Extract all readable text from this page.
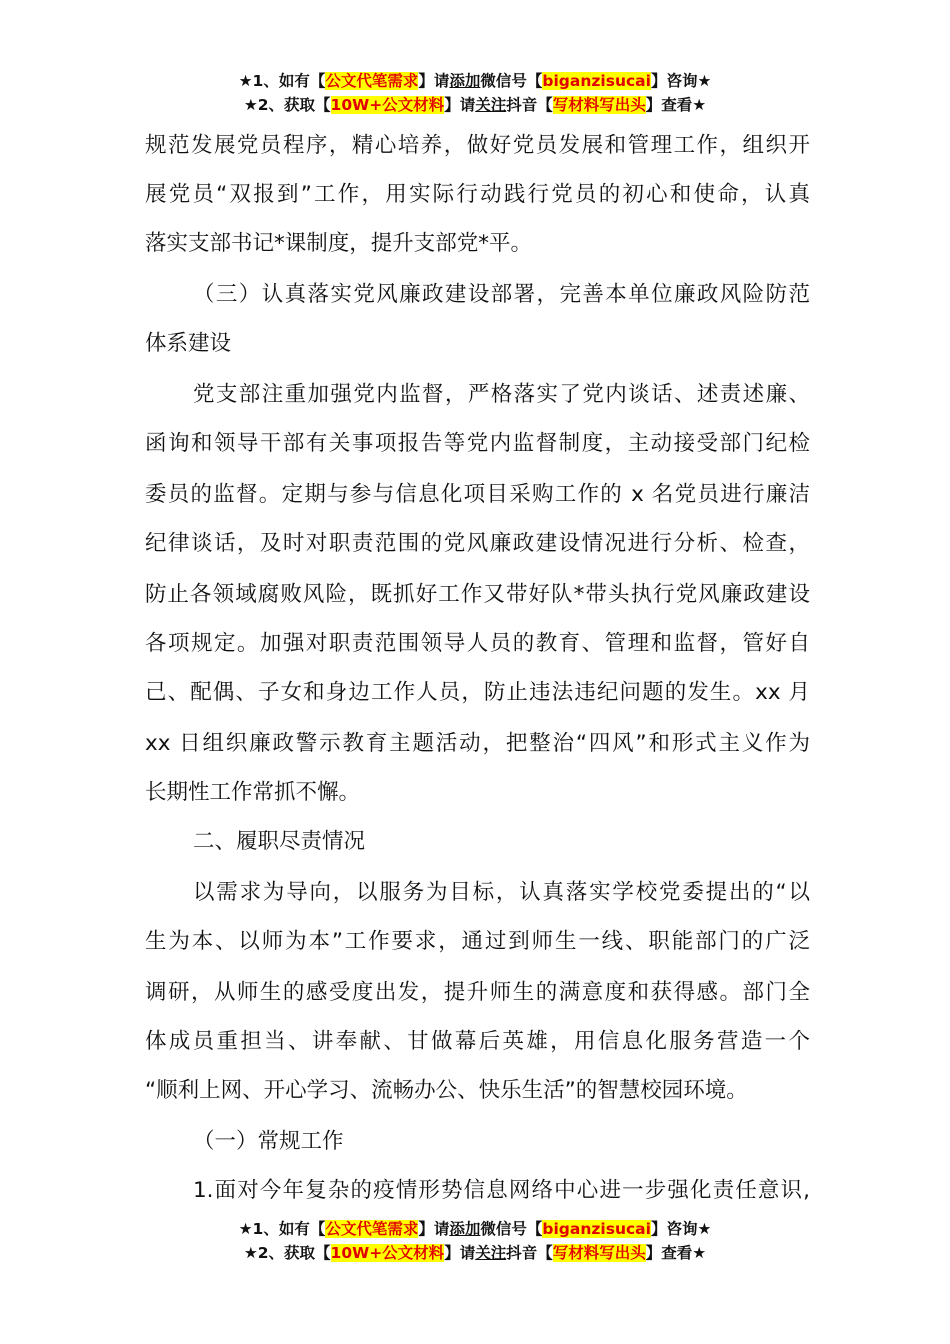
★1、如有【公文代笔需求】请添加微信号【biganzisucai】咨询★
★2、获取【10W+公文材料】请关注抖音【写材料写出头】查看★
规范发展党员程序，精心培养，做好党员发展和管理工作，组织开
展党员“双报到”工作，用实际行动践行党员的初心和使命，认真
落实支部书记*课制度，提升支部党*平。
（三）认真落实党风廉政建设部署，完善本单位廉政风险防范
体系建设
党支部注重加强党内监督，严格落实了党内谈话、述责述廉、
函询和领导干部有关事项报告等党内监督制度，主动接受部门纪检
委员的监督。定期与参与信息化项目采购工作的 x 名党员进行廉洁
纪律谈话，及时对职责范围的党风廉政建设情况进行分析、检查，
防止各领域腐败风险，既抓好工作又带好队*带头执行党风廉政建设
各项规定。加强对职责范围领导人员的教育、管理和监督，管好自
己、配偶、子女和身边工作人员，防止违法违纪问题的发生。xx 月
xx 日组织廉政警示教育主题活动，把整治“四风”和形式主义作为
长期性工作常抓不懈。
二、履职尽责情况
以需求为导向，以服务为目标，认真落实学校党委提出的“以
生为本、以师为本”工作要求，通过到师生一线、职能部门的广泛
调研，从师生的感受度出发，提升师生的满意度和获得感。部门全
体成员重担当、讲奉献、甘做幕后英雄，用信息化服务营造一个
“顺利上网、开心学习、流畅办公、快乐生活”的智慧校园环境。
（一）常规工作
1.面对今年复杂的疫情形势信息网络中心进一步强化责任意识,
★1、如有【公文代笔需求】请添加微信号【biganzisucai】咨询★
★2、获取【10W+公文材料】请关注抖音【写材料写出头】查看★
